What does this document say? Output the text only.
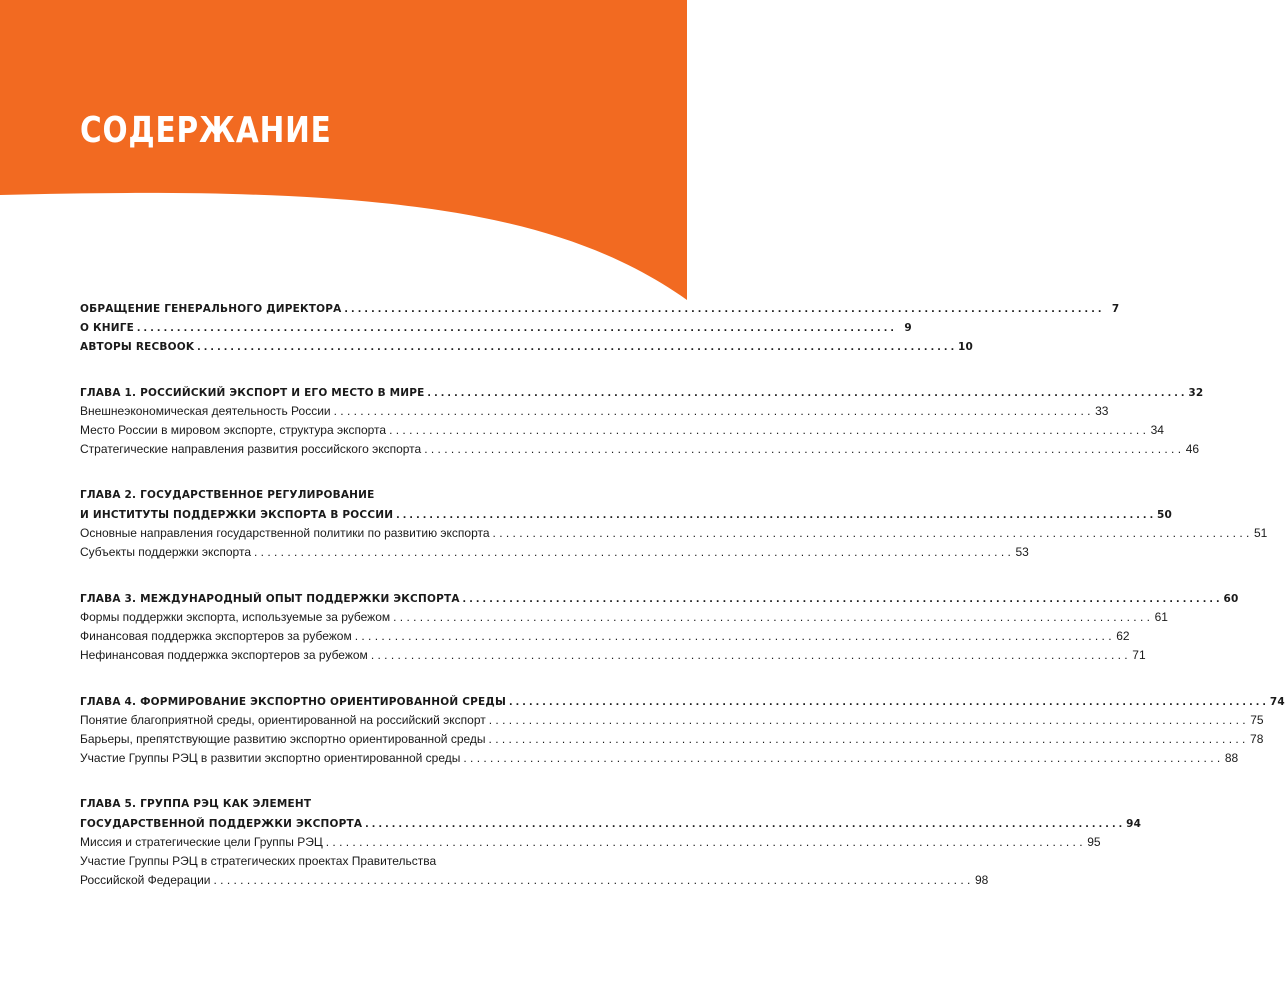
СОДЕРЖАНИЕ
ОБРАЩЕНИЕ ГЕНЕРАЛЬНОГО ДИРЕКТОРА . . .	7
О КНИГЕ . . .	9
АВТОРЫ RECBOOK . . .	10
ГЛАВА 1. РОССИЙСКИЙ ЭКСПОРТ И ЕГО МЕСТО В МИРЕ . . .	32
Внешнеэкономическая деятельность России . . .	33
Место России в мировом экспорте, структура экспорта . . .	34
Стратегические направления развития российского экспорта . . .	46
ГЛАВА 2. ГОСУДАРСТВЕННОЕ РЕГУЛИРОВАНИЕ
И ИНСТИТУТЫ ПОДДЕРЖКИ ЭКСПОРТА В РОССИИ . . .	50
Основные направления государственной политики по развитию экспорта . . .	51
Субъекты поддержки экспорта . . .	53
ГЛАВА 3. МЕЖДУНАРОДНЫЙ ОПЫТ ПОДДЕРЖКИ ЭКСПОРТА . . .	60
Формы поддержки экспорта, используемые за рубежом . . .	61
Финансовая поддержка экспортеров за рубежом . . .	62
Нефинансовая поддержка экспортеров за рубежом . . .	71
ГЛАВА 4. ФОРМИРОВАНИЕ ЭКСПОРТНО ОРИЕНТИРОВАННОЙ СРЕДЫ . . .	74
Понятие благоприятной среды, ориентированной на российский экспорт . . .	75
Барьеры, препятствующие развитию экспортно ориентированной среды . . .	78
Участие Группы РЭЦ в развитии экспортно ориентированной среды . . .	88
ГЛАВА 5. ГРУППА РЭЦ КАК ЭЛЕМЕНТ
ГОСУДАРСТВЕННОЙ ПОДДЕРЖКИ ЭКСПОРТА . . .	94
Миссия и стратегические цели Группы РЭЦ . . .	95
Участие Группы РЭЦ в стратегических проектах Правительства
Российской Федерации . . .	98
